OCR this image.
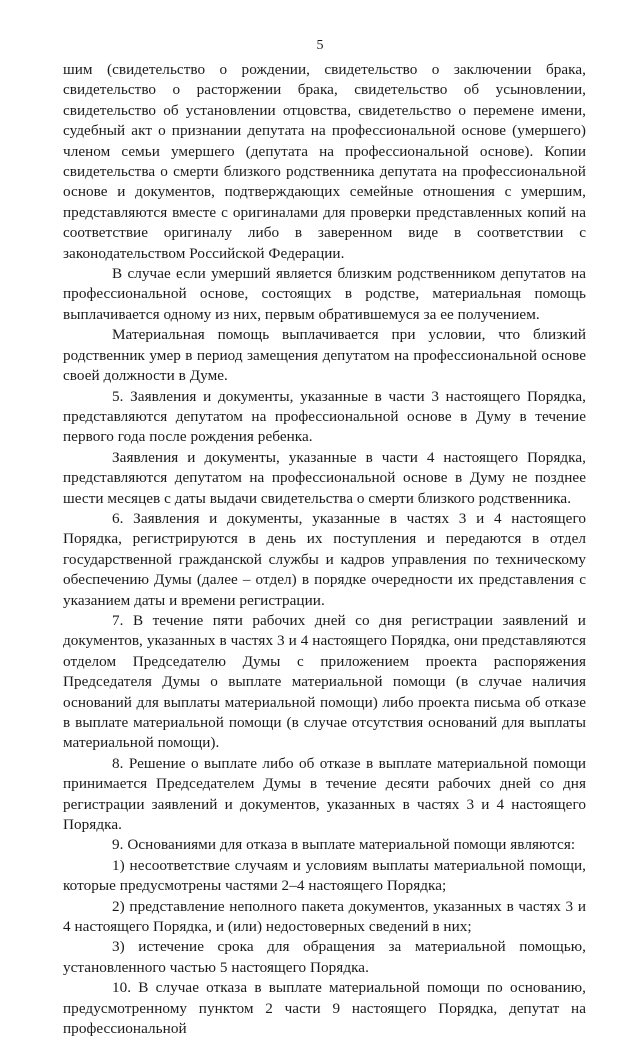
5

шим (свидетельство о рождении, свидетельство о заключении брака, свидетельство о расторжении брака, свидетельство об усыновлении, свидетельство об установлении отцовства, свидетельство о перемене имени, судебный акт о признании депутата на профессиональной основе (умершего) членом семьи умершего (депутата на профессиональной основе). Копии свидетельства о смерти близкого родственника депутата на профессиональной основе и документов, подтверждающих семейные отношения с умершим, представляются вместе с оригиналами для проверки представленных копий на соответствие оригиналу либо в заверенном виде в соответствии с законодательством Российской Федерации.

В случае если умерший является близким родственником депутатов на профессиональной основе, состоящих в родстве, материальная помощь выплачивается одному из них, первым обратившемуся за ее получением.

Материальная помощь выплачивается при условии, что близкий родственник умер в период замещения депутатом на профессиональной основе своей должности в Думе.

5. Заявления и документы, указанные в части 3 настоящего Порядка, представляются депутатом на профессиональной основе в Думу в течение первого года после рождения ребенка.

Заявления и документы, указанные в части 4 настоящего Порядка, представляются депутатом на профессиональной основе в Думу не позднее шести месяцев с даты выдачи свидетельства о смерти близкого родственника.

6. Заявления и документы, указанные в частях 3 и 4 настоящего Порядка, регистрируются в день их поступления и передаются в отдел государственной гражданской службы и кадров управления по техническому обеспечению Думы (далее – отдел) в порядке очередности их представления с указанием даты и времени регистрации.

7. В течение пяти рабочих дней со дня регистрации заявлений и документов, указанных в частях 3 и 4 настоящего Порядка, они представляются отделом Председателю Думы с приложением проекта распоряжения Председателя Думы о выплате материальной помощи (в случае наличия оснований для выплаты материальной помощи) либо проекта письма об отказе в выплате материальной помощи (в случае отсутствия оснований для выплаты материальной помощи).

8. Решение о выплате либо об отказе в выплате материальной помощи принимается Председателем Думы в течение десяти рабочих дней со дня регистрации заявлений и документов, указанных в частях 3 и 4 настоящего Порядка.

9. Основаниями для отказа в выплате материальной помощи являются:

1) несоответствие случаям и условиям выплаты материальной помощи, которые предусмотрены частями 2–4 настоящего Порядка;

2) представление неполного пакета документов, указанных в частях 3 и 4 настоящего Порядка, и (или) недостоверных сведений в них;

3) истечение срока для обращения за материальной помощью, установленного частью 5 настоящего Порядка.

10. В случае отказа в выплате материальной помощи по основанию, предусмотренному пунктом 2 части 9 настоящего Порядка, депутат на профессиональной
